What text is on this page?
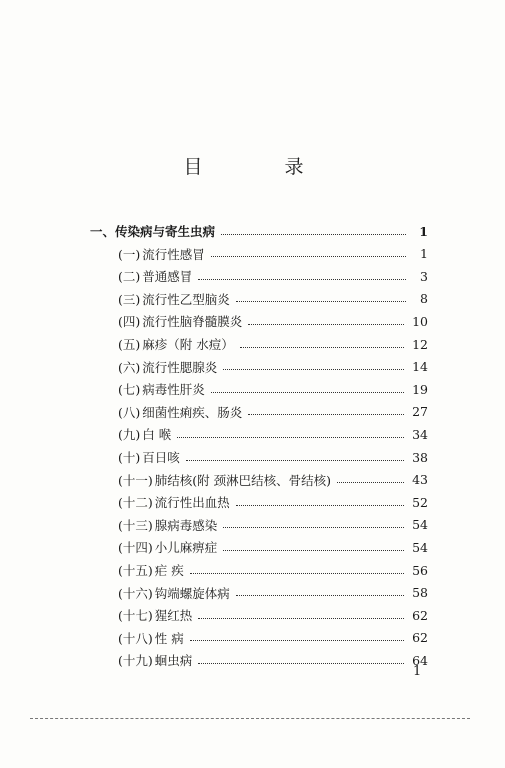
目 录
一、传染病与寄生虫病	1
(一) 流行性感冒	1
(二) 普通感冒	3
(三) 流行性乙型脑炎	8
(四) 流行性脑脊髓膜炎	10
(五) 麻疹（附 水痘）	12
(六) 流行性腮腺炎	14
(七) 病毒性肝炎	19
(八) 细菌性痢疾、肠炎	27
(九) 白 喉	34
(十) 百日咳	38
(十一) 肺结核(附 颈淋巴结核、骨结核)	43
(十二) 流行性出血热	52
(十三) 腺病毒感染	54
(十四) 小儿麻痹症	54
(十五) 疟 疾	56
(十六) 钩端螺旋体病	58
(十七) 猩红热	62
(十八) 性 病	62
(十九) 蛔虫病	64
1
